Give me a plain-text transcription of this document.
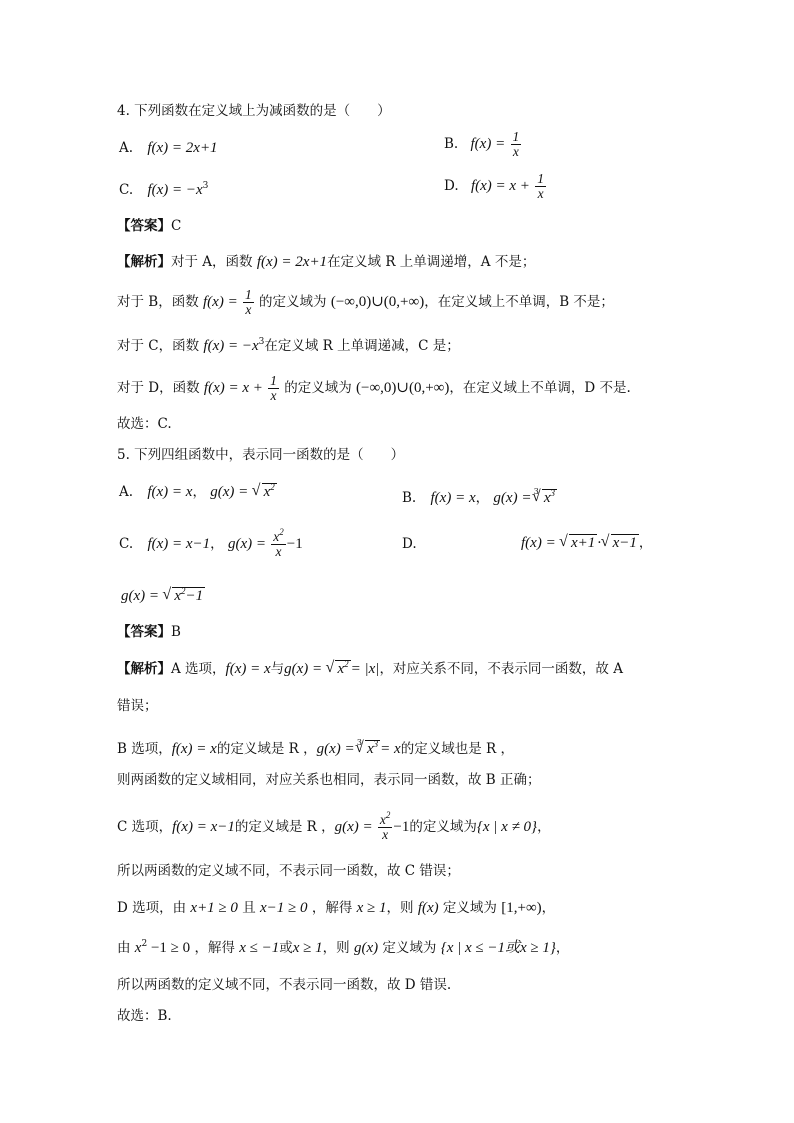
4. 下列函数在定义域上为减函数的是（　　）
A. f(x) = 2x+1	B. $f(x) = \frac{1}{x}$
C. $f(x) = -x^3$	D. $f(x) = x + \frac{1}{x}$
【答案】C
【解析】对于 A，函数 f(x) = 2x+1在定义域 R 上单调递增，A 不是；
对于 B，函数 $f(x) = \frac{1}{x}$ 的定义域为 (−∞,0)∪(0,+∞)，在定义域上不单调，B 不是；
对于 C，函数 $f(x) = -x^3$在定义域 R 上单调递减，C 是；
对于 D，函数 $f(x) = x + \frac{1}{x}$ 的定义域为 (−∞,0)∪(0,+∞)，在定义域上不单调，D 不是.
故选：C.
5. 下列四组函数中，表示同一函数的是（　　）
A. f(x) = x， g(x) = √ $x^2$
B. f(x) = x， g(x) = $^3$ √ $x^3$
C. f(x) = x−1， $g(x) = \frac{x^2}{x} -1$	D.	f(x) = √ x+1 · √ x−1 ，
g(x) = √ $x^2-1$
【答案】B
【解析】A 选项，f(x) = x与g(x) = √ $x^2 = |x|$，对应关系不同，不表示同一函数，故 A
错误；
B 选项，f(x) = x的定义域是 R ，g(x) = $^3$ √ $x^3 = x$的定义域也是 R ，
则两函数的定义域相同，对应关系也相同，表示同一函数，故 B 正确；
C 选项，f(x) = x−1的定义域是 R ，$g(x) = \frac{x^2}{x} -1$的定义域为{x | x ≠ 0}，
所以两函数的定义域不同，不表示同一函数，故 C 错误；
D 选项，由 x+1 ≥ 0 且 x−1 ≥ 0 ，解得 x ≥ 1，则 f(x) 定义域为 [1,+∞)，
由 $x^2 -1 \ge 0$ ，解得 x ≤ −1或x ≥ 1，则 g(x) 定义域为 {x | x ≤ −1或x ≥ 1}，
所以两函数的定义域不同，不表示同一函数，故 D 错误.
故选：B.
